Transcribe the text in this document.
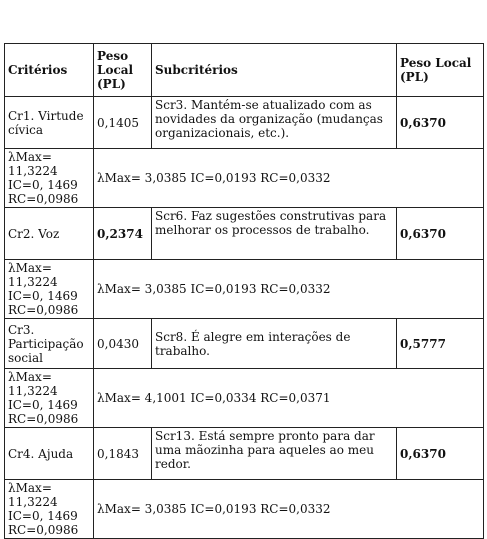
Critérios	Peso Local (PL)	Subcritérios	Peso Local (PL)
Cr1. Virtude cívica	0,1405	Scr3. Mantém-se atualizado com as novidades da organização (mudanças organizacionais, etc.).	0,6370
λMax= 11,3224 IC=0, 1469 RC=0,0986	λMax= 3,0385 IC=0,0193 RC=0,0332		
Cr2. Voz	0,2374	Scr6. Faz sugestões construtivas para melhorar os processos de trabalho.	0,6370
λMax= 11,3224 IC=0, 1469 RC=0,0986	λMax= 3,0385 IC=0,0193 RC=0,0332		
Cr3. Participação social	0,0430	Scr8. É alegre em interações de trabalho.	0,5777
λMax= 11,3224 IC=0, 1469 RC=0,0986	λMax= 4,1001 IC=0,0334 RC=0,0371		
Cr4. Ajuda	0,1843	Scr13. Está sempre pronto para dar uma mãozinha para aqueles ao meu redor.	0,6370
λMax= 11,3224 IC=0, 1469 RC=0,0986	λMax= 3,0385 IC=0,0193 RC=0,0332		
